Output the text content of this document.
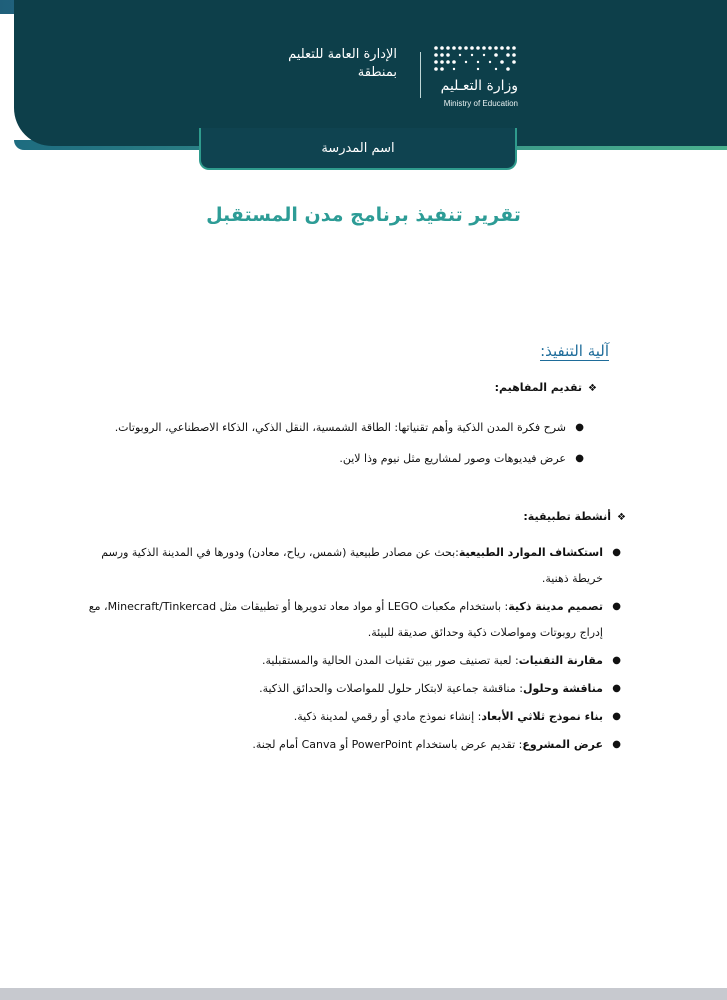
الإدارة العامة للتعليم
بمنطقة
وزارة التعـليم
Ministry of Education
اسم المدرسة
تقرير تنفيذ برنامج مدن المستقبل
آلية التنفيذ:
❖تقديم المفاهيم:
●
شرح فكرة المدن الذكية وأهم تقنياتها: الطاقة الشمسية، النقل الذكي، الذكاء الاصطناعي، الروبوتات.
●
عرض فيديوهات وصور لمشاريع مثل نيوم وذا لاين.
❖أنشطة تطبيقية:
●
استكشاف الموارد الطبيعية:بحث عن مصادر طبيعية (شمس، رياح، معادن) ودورها في المدينة الذكية ورسم خريطة ذهنية.
●
تصميم مدينة ذكية: باستخدام مكعبات LEGO أو مواد معاد تدويرها أو تطبيقات مثل Minecraft/Tinkercad، مع إدراج روبوتات ومواصلات ذكية وحدائق صديقة للبيئة.
●
مقارنة التقنيات: لعبة تصنيف صور بين تقنيات المدن الحالية والمستقبلية.
●
مناقشة وحلول: مناقشة جماعية لابتكار حلول للمواصلات والحدائق الذكية.
●
بناء نموذج ثلاثي الأبعاد: إنشاء نموذج مادي أو رقمي لمدينة ذكية.
●
عرض المشروع: تقديم عرض باستخدام PowerPoint أو Canva أمام لجنة.
